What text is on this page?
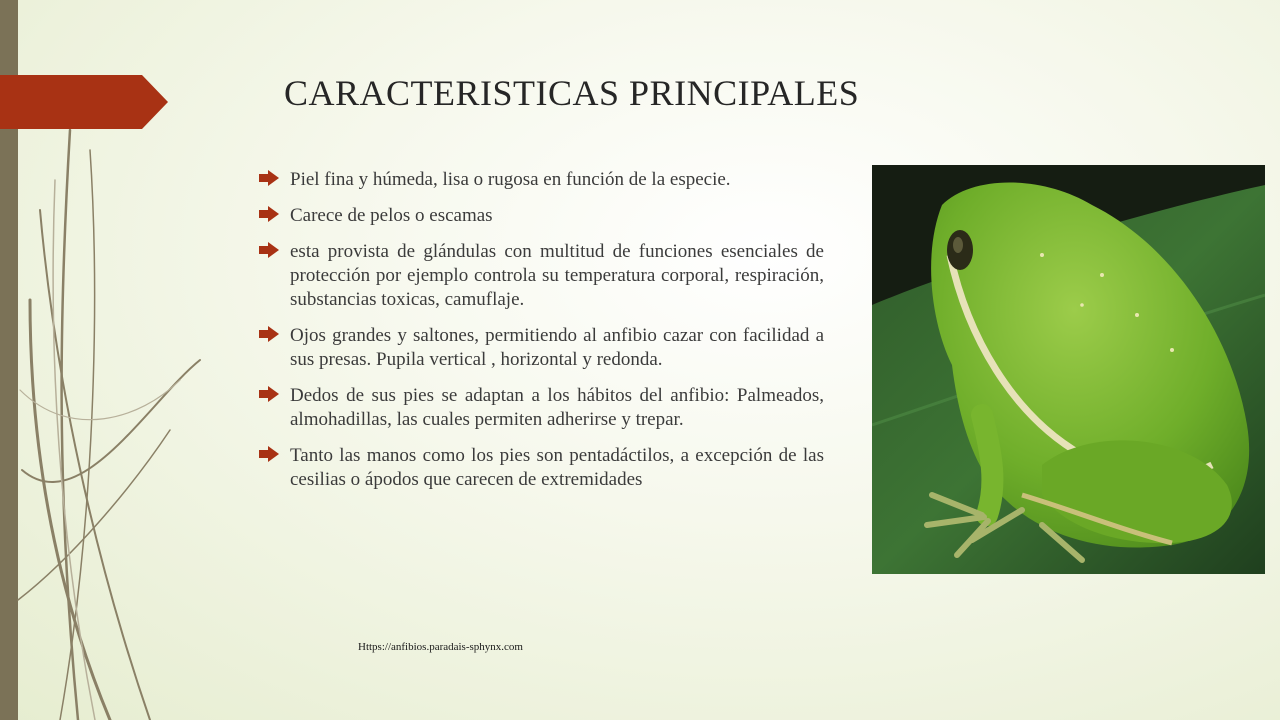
CARACTERISTICAS PRINCIPALES
Piel fina y húmeda, lisa o rugosa en función de la especie.
Carece de pelos o escamas
esta provista de glándulas con multitud de funciones esenciales de protección por ejemplo controla su temperatura corporal, respiración, substancias toxicas, camuflaje.
Ojos grandes y saltones, permitiendo al anfibio cazar con facilidad a sus presas. Pupila vertical , horizontal y redonda.
Dedos de sus pies se adaptan a los hábitos del anfibio: Palmeados, almohadillas, las cuales permiten adherirse y trepar.
Tanto las manos como los pies son pentadáctilos, a excepción de las cesilias o ápodos que carecen de extremidades
Https://anfibios.paradais-sphynx.com
